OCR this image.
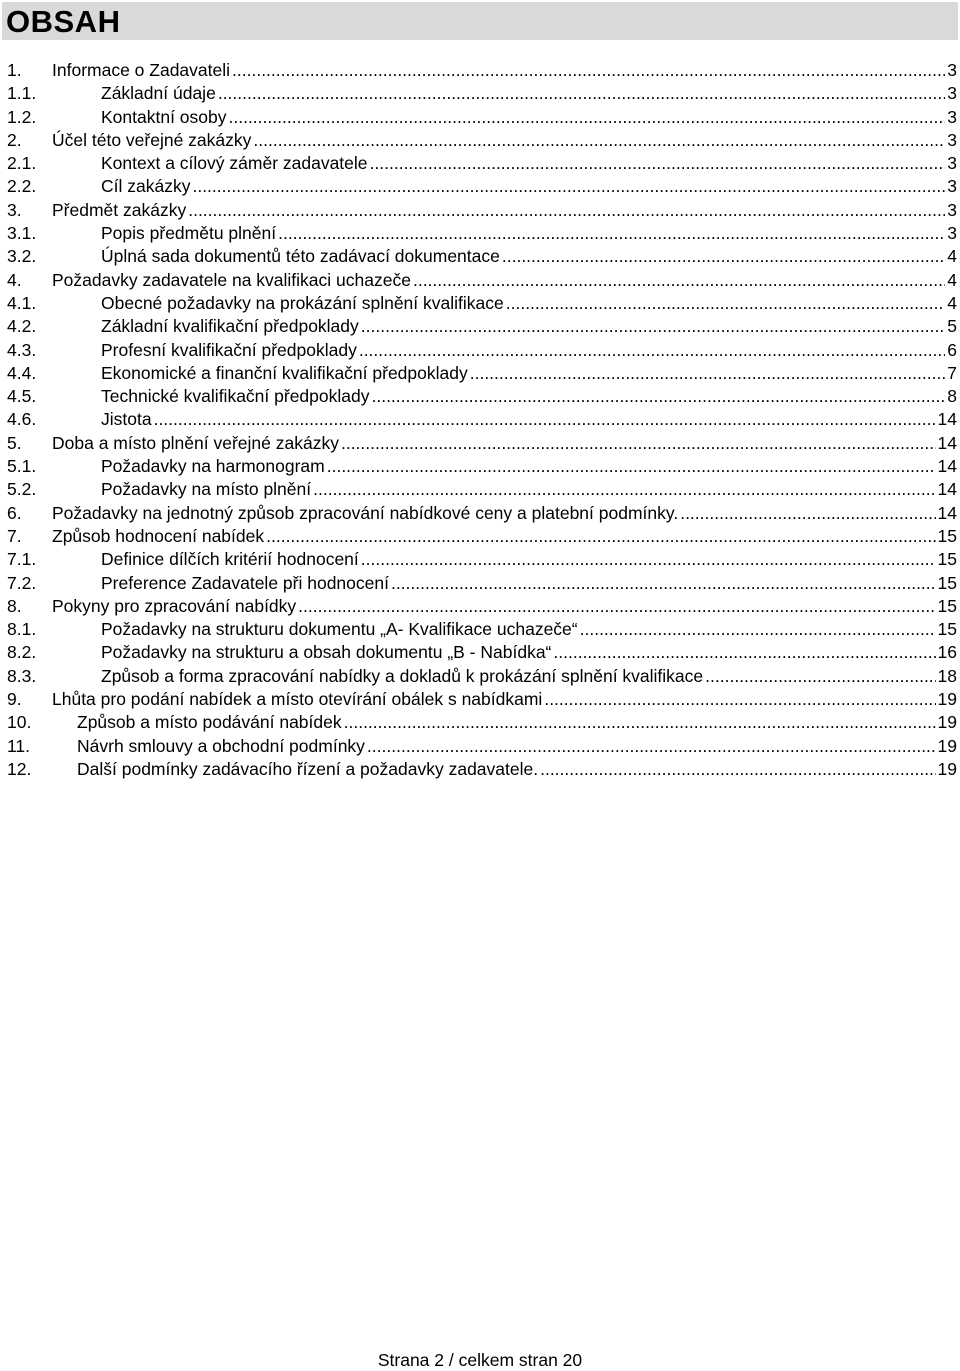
OBSAH
1. Informace o Zadavateli .....	3
1.1.	Základní údaje .....	3
1.2.	Kontaktní osoby .....	3
2. Účel této veřejné zakázky .....	3
2.1.	Kontext a cílový záměr zadavatele .....	3
2.2.	Cíl zakázky .....	3
3. Předmět zakázky .....	3
3.1.	Popis předmětu plnění .....	3
3.2.	Úplná sada dokumentů této zadávací dokumentace .....	4
4. Požadavky zadavatele na kvalifikaci uchazeče .....	4
4.1.	Obecné požadavky na prokázání splnění kvalifikace .....	4
4.2.	Základní kvalifikační předpoklady .....	5
4.3.	Profesní kvalifikační předpoklady .....	6
4.4.	Ekonomické a finanční kvalifikační předpoklady .....	7
4.5.	Technické kvalifikační předpoklady .....	8
4.6.	Jistota .....	14
5. Doba a místo plnění veřejné zakázky .....	14
5.1.	Požadavky na harmonogram .....	14
5.2.	Požadavky na místo plnění .....	14
6. Požadavky na jednotný způsob zpracování nabídkové ceny a platební podmínky. .....	14
7. Způsob hodnocení nabídek .....	15
7.1.	Definice dílčích kritérií hodnocení .....	15
7.2.	Preference Zadavatele při hodnocení .....	15
8. Pokyny pro zpracování nabídky .....	15
8.1.	Požadavky na strukturu dokumentu „A- Kvalifikace uchazeče“ .....	15
8.2.	Požadavky na strukturu a obsah dokumentu „B - Nabídka“ .....	16
8.3.	Způsob a forma zpracování nabídky a dokladů k prokázání splnění kvalifikace .....	18
9. Lhůta pro podání nabídek a místo otevírání obálek s nabídkami .....	19
10.	Způsob a místo podávání nabídek .....	19
11.	Návrh smlouvy a obchodní podmínky .....	19
12.	Další podmínky zadávacího řízení a požadavky zadavatele. .....	19
Strana 2 / celkem stran 20
